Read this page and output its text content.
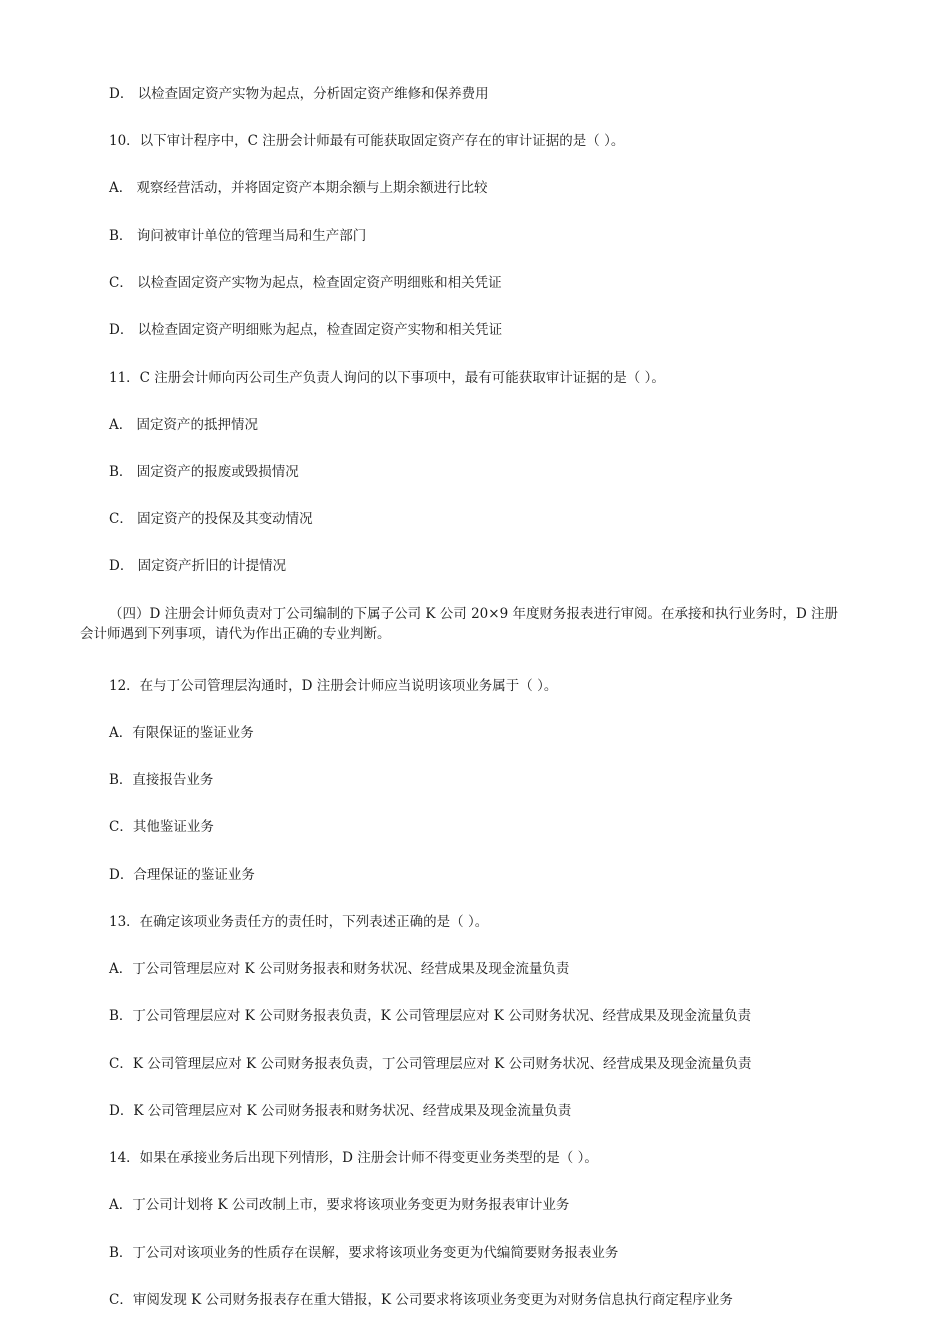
D． 以检查固定资产实物为起点，分析固定资产维修和保养费用
10．以下审计程序中，C 注册会计师最有可能获取固定资产存在的审计证据的是（ ）。
A． 观察经营活动，并将固定资产本期余额与上期余额进行比较
B． 询问被审计单位的管理当局和生产部门
C． 以检查固定资产实物为起点，检查固定资产明细账和相关凭证
D． 以检查固定资产明细账为起点，检查固定资产实物和相关凭证
11．C 注册会计师向丙公司生产负责人询问的以下事项中，最有可能获取审计证据的是（ ）。
A． 固定资产的抵押情况
B． 固定资产的报废或毁损情况
C． 固定资产的投保及其变动情况
D． 固定资产折旧的计提情况
（四）D 注册会计师负责对丁公司编制的下属子公司 K 公司 20×9 年度财务报表进行审阅。在承接和执行业务时，D 注册
会计师遇到下列事项，请代为作出正确的专业判断。
12．在与丁公司管理层沟通时，D 注册会计师应当说明该项业务属于（ ）。
A．有限保证的鉴证业务
B．直接报告业务
C．其他鉴证业务
D．合理保证的鉴证业务
13．在确定该项业务责任方的责任时，下列表述正确的是（ ）。
A．丁公司管理层应对 K 公司财务报表和财务状况、经营成果及现金流量负责
B．丁公司管理层应对 K 公司财务报表负责，K 公司管理层应对 K 公司财务状况、经营成果及现金流量负责
C．K 公司管理层应对 K 公司财务报表负责，丁公司管理层应对 K 公司财务状况、经营成果及现金流量负责
D．K 公司管理层应对 K 公司财务报表和财务状况、经营成果及现金流量负责
14．如果在承接业务后出现下列情形，D 注册会计师不得变更业务类型的是（ ）。
A．丁公司计划将 K 公司改制上市，要求将该项业务变更为财务报表审计业务
B．丁公司对该项业务的性质存在误解，要求将该项业务变更为代编简要财务报表业务
C．审阅发现 K 公司财务报表存在重大错报，K 公司要求将该项业务变更为对财务信息执行商定程序业务
